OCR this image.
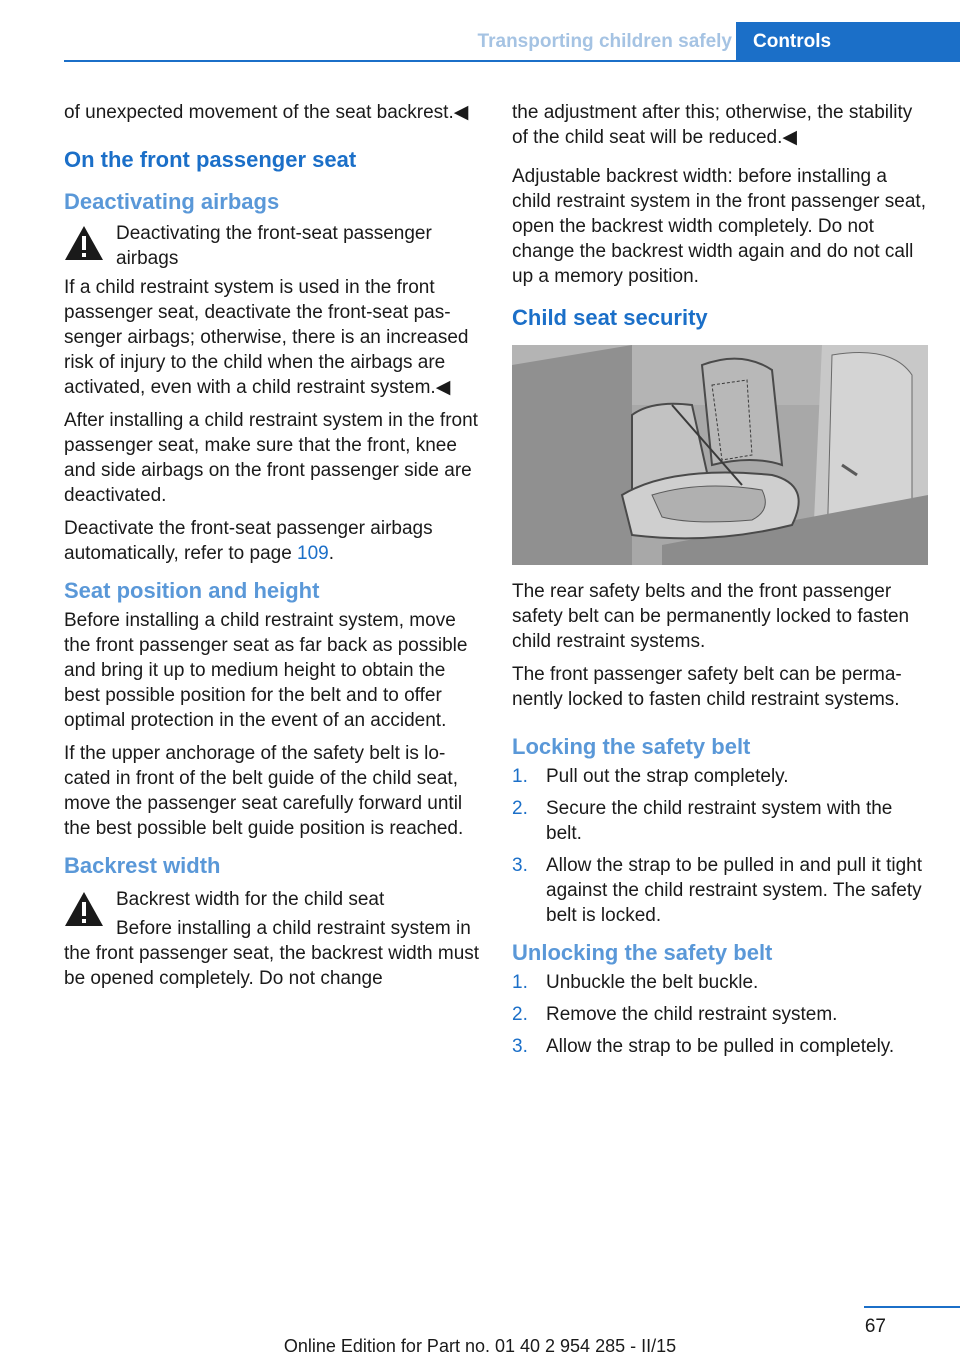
Transporting children safely	Controls

of unexpected movement of the seat backrest.◀

On the front passenger seat
Deactivating airbags

Deactivating the front-seat passenger airbags

If a child restraint system is used in the front passenger seat, deactivate the front-seat passenger airbags; otherwise, there is an increased risk of injury to the child when the airbags are activated, even with a child restraint system.◀

After installing a child restraint system in the front passenger seat, make sure that the front, knee and side airbags on the front passenger side are deactivated.

Deactivate the front-seat passenger airbags automatically, refer to page 109.

Seat position and height

Before installing a child restraint system, move the front passenger seat as far back as possible and bring it up to medium height to obtain the best possible position for the belt and to offer optimal protection in the event of an accident.

If the upper anchorage of the safety belt is located in front of the belt guide of the child seat, move the passenger seat carefully forward until the best possible belt guide position is reached.

Backrest width

Backrest width for the child seat

Before installing a child restraint system in the front passenger seat, the backrest width must be opened completely. Do not change

the adjustment after this; otherwise, the stability of the child seat will be reduced.◀

Adjustable backrest width: before installing a child restraint system in the front passenger seat, open the backrest width completely. Do not change the backrest width again and do not call up a memory position.

Child seat security

The rear safety belts and the front passenger safety belt can be permanently locked to fasten child restraint systems.

The front passenger safety belt can be permanently locked to fasten child restraint systems.

Locking the safety belt
1. Pull out the strap completely.
2. Secure the child restraint system with the belt.
3. Allow the strap to be pulled in and pull it tight against the child restraint system. The safety belt is locked.
Unlocking the safety belt
1. Unbuckle the belt buckle.
2. Remove the child restraint system.
3. Allow the strap to be pulled in completely.
67
Online Edition for Part no. 01 40 2 954 285 - II/15
